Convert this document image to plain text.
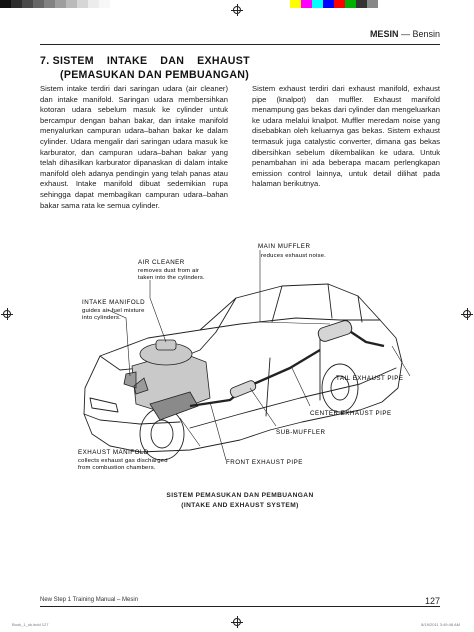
MESIN — Bensin
7. SISTEM    INTAKE    DAN    EXHAUST
(PEMASUKAN DAN PEMBUANGAN)
Sistem intake terdiri dari saringan udara (air cleaner) dan intake manifold. Saringan udara membersihkan kotoran udara sebelum masuk ke cylinder untuk bercampur dengan bahan bakar, dan intake manifold menyalurkan campuran udara–bahan bakar ke dalam cylinder. Udara mengalir dari saringan udara masuk ke karburator, dan campuran udara–bahan bakar yang telah dihasilkan karburator dipanaskan di dalam intake manifold oleh adanya pendingin yang telah panas atau exhaust. Intake manifold dibuat sedemikian rupa sehingga dapat membagikan campuran udara–bahan bakar sama rata ke semua cylinder.
Sistem exhaust terdiri dari exhaust manifold, exhaust pipe (knalpot) dan muffler. Exhaust manifold menampung gas bekas dari cylinder dan mengeluarkan ke udara melalui knalpot. Muffler meredam noise yang disebabkan oleh keluarnya gas bekas. Sistem exhaust termasuk juga catalystic converter, dimana gas bekas dibersihkan sebelum dikembalikan ke udara. Untuk penambahan ini ada beberapa macam perlengkapan emission control lainnya, untuk detail dilihat pada halaman berikutnya.
MAIN MUFFLER
reduces exhaust noise.
AIR CLEANER
removes dust from air
taken into the cylinders.
INTAKE MANIFOLD
guides air-fuel mixture
into cylinders.
TAIL EXHAUST PIPE
CENTER EXHAUST PIPE
SUB-MUFFLER
EXHAUST MANIFOLD
collects exhaust gas discharged
from combustion chambers.
FRONT EXHAUST PIPE
SISTEM PEMASUKAN DAN PEMBUANGAN
(INTAKE AND EXHAUST SYSTEM)
New Step 1 Training Manual – Mesin	127
Book_1_ok.indd 127	8/19/2011 3:49:48 AM
